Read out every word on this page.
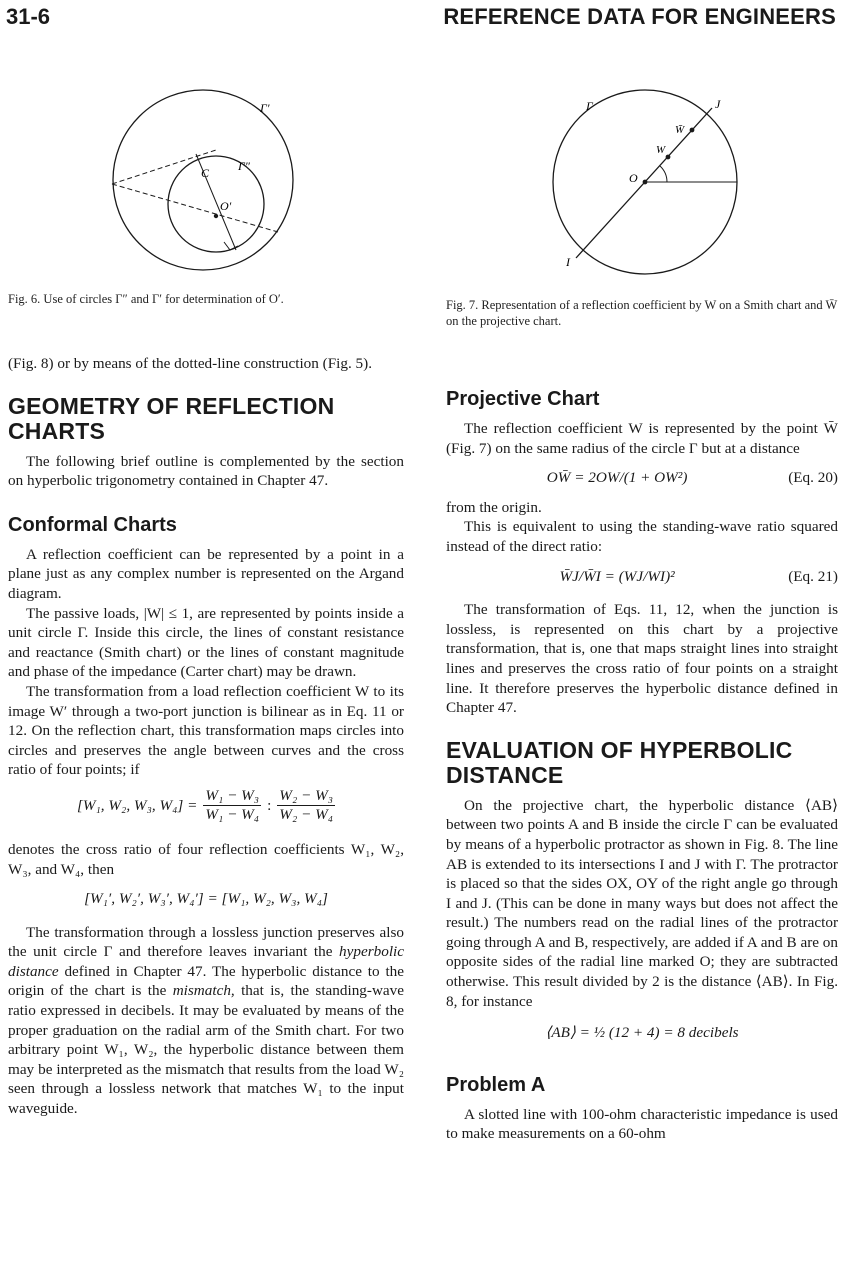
31-6	REFERENCE DATA FOR ENGINEERS
Γ′
Γ″
C
O′
Fig. 6. Use of circles Γ″ and Γ′ for determination of O′.
Γ	J
W̄
W
O
I
Fig. 7. Representation of a reflection coefficient by W on a Smith chart and W̄ on the projective chart.

(Fig. 8) or by means of the dotted-line construction (Fig. 5).

GEOMETRY OF REFLECTION CHARTS

The following brief outline is complemented by the section on hyperbolic trigonometry contained in Chapter 47.

Conformal Charts

A reflection coefficient can be represented by a point in a plane just as any complex number is represented on the Argand diagram.

The passive loads, |W| ≤ 1, are represented by points inside a unit circle Γ. Inside this circle, the lines of constant resistance and reactance (Smith chart) or the lines of constant magnitude and phase of the impedance (Carter chart) may be drawn.

The transformation from a load reflection coefficient W to its image W′ through a two-port junction is bilinear as in Eq. 11 or 12. On the reflection chart, this transformation maps circles into circles and preserves the angle between curves and the cross ratio of four points; if

[W₁, W₂, W₃, $W_4] = \frac{\text{W₁ − W₃}}{\text{W₁ − W₄}}$ : $\frac{\text{W₂ − W₃}}{\text{W₂ − W₄}}$

denotes the cross ratio of four reflection coefficients W₁, W₂, W₃, and W₄, then

[W₁′, W₂′, W₃′, W₄′] = [W₁, W₂, W₃, W₄]

The transformation through a lossless junction preserves also the unit circle Γ and therefore leaves invariant the hyperbolic distance defined in Chapter 47. The hyperbolic distance to the origin of the chart is the mismatch, that is, the standing-wave ratio expressed in decibels. It may be evaluated by means of the proper graduation on the radial arm of the Smith chart. For two arbitrary point W₁, W₂, the hyperbolic distance between them may be interpreted as the mismatch that results from the load W₂ seen through a lossless network that matches W₁ to the input waveguide.

Projective Chart

The reflection coefficient W is represented by the point W̄ (Fig. 7) on the same radius of the circle Γ but at a distance

OW̄ = 2OW/(1 + OW²)	(Eq. 20)

from the origin.

This is equivalent to using the standing-wave ratio squared instead of the direct ratio:

W̄J/W̄I = (WJ/WI)²	(Eq. 21)

The transformation of Eqs. 11, 12, when the junction is lossless, is represented on this chart by a projective transformation, that is, one that maps straight lines into straight lines and preserves the cross ratio of four points on a straight line. It therefore preserves the hyperbolic distance defined in Chapter 47.

EVALUATION OF HYPERBOLIC DISTANCE

On the projective chart, the hyperbolic distance ⟨AB⟩ between two points A and B inside the circle Γ can be evaluated by means of a hyperbolic protractor as shown in Fig. 8. The line AB is extended to its intersections I and J with Γ. The protractor is placed so that the sides OX, OY of the right angle go through I and J. (This can be done in many ways but does not affect the result.) The numbers read on the radial lines of the protractor going through A and B, respectively, are added if A and B are on opposite sides of the radial line marked O; they are subtracted otherwise. This result divided by 2 is the distance ⟨AB⟩. In Fig. 8, for instance

⟨AB⟩ = ½ (12 + 4) = 8 decibels
Problem A

A slotted line with 100-ohm characteristic impedance is used to make measurements on a 60-ohm
